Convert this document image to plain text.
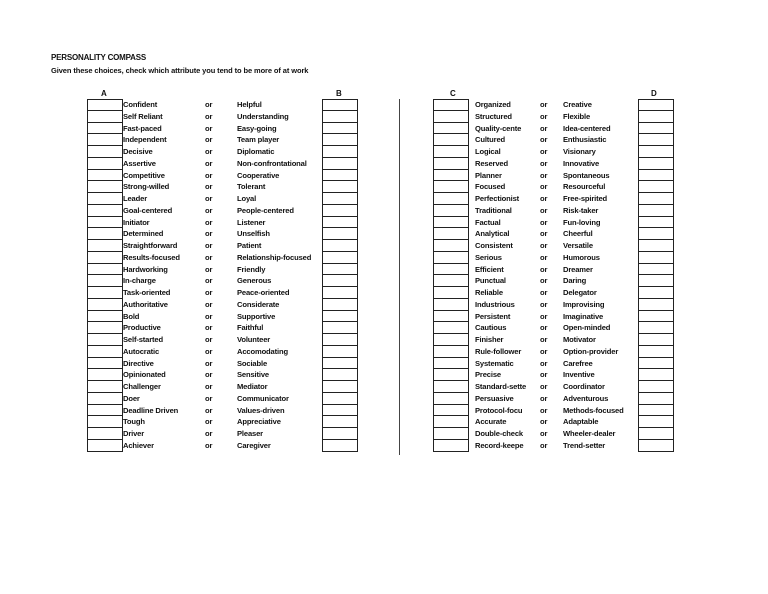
PERSONALITY COMPASS
Given these choices, check which attribute you tend to be more of at work
A	B	C	D
Confident	or	Helpful
Self Reliant	or	Understanding
Fast-paced	or	Easy-going
Independent	or	Team player
Decisive	or	Diplomatic
Assertive	or	Non-confrontational
Competitive	or	Cooperative
Strong-willed	or	Tolerant
Leader	or	Loyal
Goal-centered	or	People-centered
Initiator	or	Listener
Determined	or	Unselfish
Straightforward	or	Patient
Results-focused	or	Relationship-focused
Hardworking	or	Friendly
In-charge	or	Generous
Task-oriented	or	Peace-oriented
Authoritative	or	Considerate
Bold	or	Supportive
Productive	or	Faithful
Self-started	or	Volunteer
Autocratic	or	Accomodating
Directive	or	Sociable
Opinionated	or	Sensitive
Challenger	or	Mediator
Doer	or	Communicator
Deadline Driven	or	Values-driven
Tough	or	Appreciative
Driver	or	Pleaser
Achiever	or	Caregiver
Organized	or Creative
Structured	or Flexible
Quality-cente or Idea-centered
Cultured	or Enthusiastic
Logical	or Visionary
Reserved	or Innovative
Planner	or Spontaneous
Focused	or Resourceful
Perfectionist	or Free-spirited
Traditional	or Risk-taker
Factual	or Fun-loving
Analytical	or Cheerful
Consistent	or Versatile
Serious	or Humorous
Efficient	or Dreamer
Punctual	or Daring
Reliable	or Delegator
Industrious	or Improvising
Persistent	or Imaginative
Cautious	or Open-minded
Finisher	or Motivator
Rule-follower or Option-provider
Systematic	or Carefree
Precise	or Inventive
Standard-sette or Coordinator
Persuasive	or Adventurous
Protocol-focu or Methods-focused
Accurate	or Adaptable
Double-check or Wheeler-dealer
Record-keepe or Trend-setter
